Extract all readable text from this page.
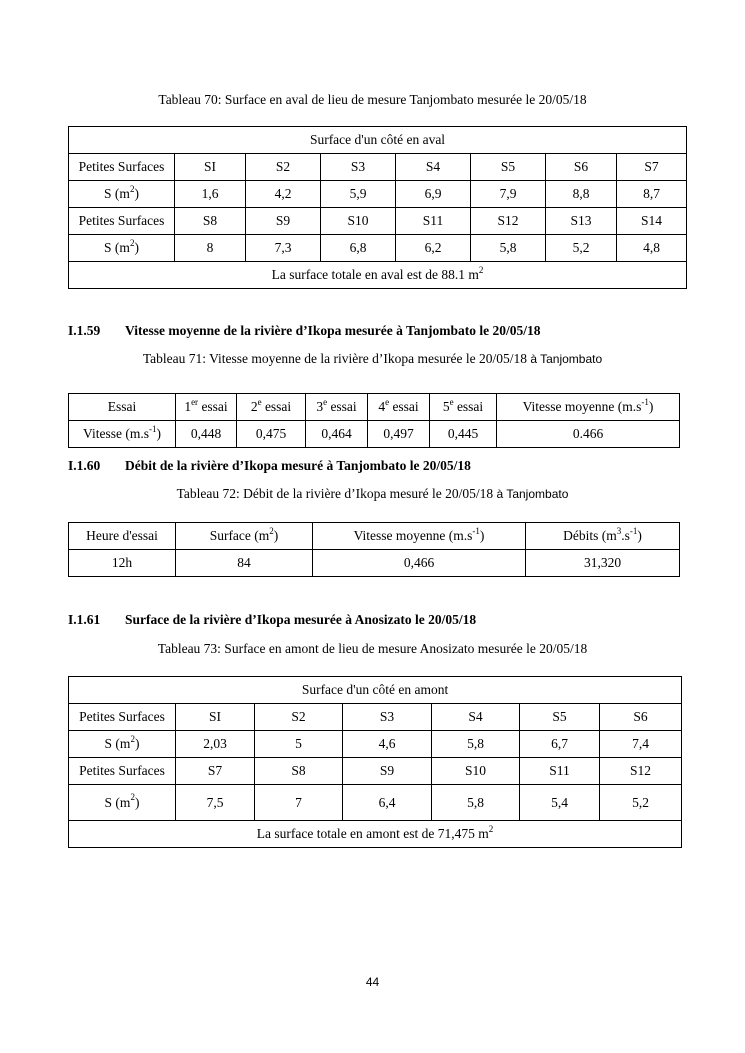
Tableau 70: Surface en aval de lieu de mesure Tanjombato mesurée le 20/05/18
Surface d'un côté en aval							
Petites Surfaces	SI	S2	S3	S4	S5	S6	S7
S $(m^2)$	1,6	4,2	5,9	6,9	7,9	8,8	8,7
Petites Surfaces	S8	S9	S10	S11	S12	S13	S14
S $(m^2)$	8	7,3	6,8	6,2	5,8	5,2	4,8
La surface totale en aval est de 88.1 $m^2$
I.1.59 Vitesse moyenne de la rivière d’Ikopa mesurée à Tanjombato le 20/05/18
Tableau 71: Vitesse moyenne de la rivière d’Ikopa mesurée le 20/05/18 à Tanjombato
Essai	1er essai	2e essai	3e essai	4e essai	5e essai	Vitesse moyenne $(m.s^{-1})$
Vitesse $(m.s^{-1})$	0,448	0,475	0,464	0,497	0,445	0.466
I.1.60 Débit de la rivière d’Ikopa mesuré à Tanjombato le 20/05/18
Tableau 72: Débit de la rivière d’Ikopa mesuré le 20/05/18 à Tanjombato
Heure d'essai	Surface $(m^2)$	Vitesse moyenne $(m.s^{-1})$	Débits $(m^3.s^{-1})$
12h	84	0,466	31,320
I.1.61 Surface de la rivière d’Ikopa mesurée à Anosizato le 20/05/18
Tableau 73: Surface en amont de lieu de mesure Anosizato mesurée le 20/05/18
Surface d'un côté en amont						
Petites Surfaces	SI	S2	S3	S4	S5	S6
S $(m^2)$	2,03	5	4,6	5,8	6,7	7,4
Petites Surfaces	S7	S8	S9	S10	S11	S12
S $(m^2)$	7,5	7	6,4	5,8	5,4	5,2
La surface totale en amont est de 71,475 $m^2$
44
